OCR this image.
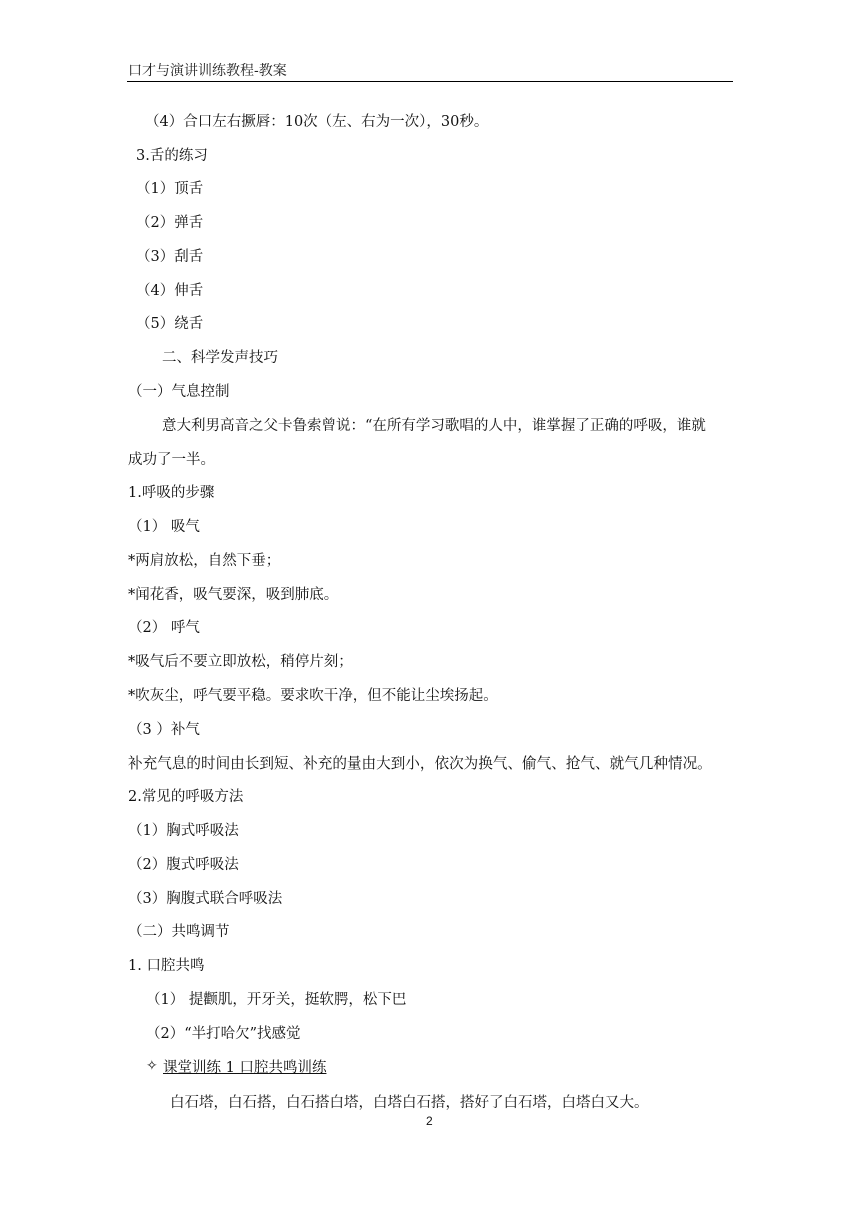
口才与演讲训练教程-教案
（4）合口左右撅唇：10次（左、右为一次），30秒。
3.舌的练习
（1）顶舌
（2）弹舌
（3）刮舌
（4）伸舌
（5）绕舌
二、科学发声技巧
（一）气息控制
意大利男高音之父卡鲁索曾说：“在所有学习歌唱的人中，谁掌握了正确的呼吸，谁就
成功了一半。
1.呼吸的步骤
（1） 吸气
*两肩放松，自然下垂；
*闻花香，吸气要深，吸到肺底。
（2） 呼气
*吸气后不要立即放松，稍停片刻；
*吹灰尘，呼气要平稳。要求吹干净，但不能让尘埃扬起。
（3 ）补气
补充气息的时间由长到短、补充的量由大到小，依次为换气、偷气、抢气、就气几种情况。
2.常见的呼吸方法
（1）胸式呼吸法
（2）腹式呼吸法
（3）胸腹式联合呼吸法
（二）共鸣调节
1. 口腔共鸣
（1） 提颧肌，开牙关，挺软腭，松下巴
（2）“半打哈欠”找感觉
✧ 课堂训练 1 口腔共鸣训练
白石塔，白石搭，白石搭白塔，白塔白石搭，搭好了白石塔，白塔白又大。
2
